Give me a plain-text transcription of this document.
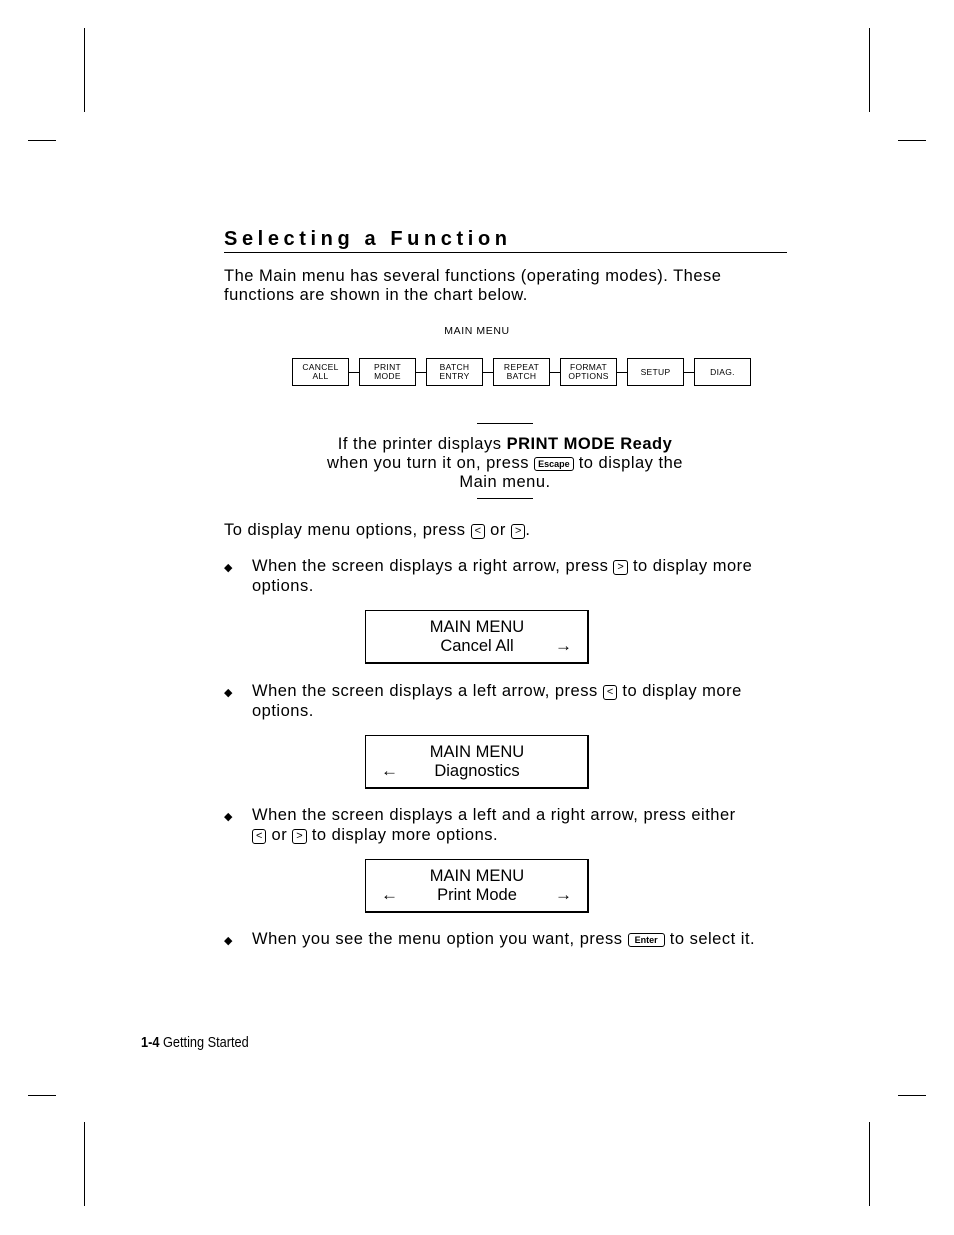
Selecting a Function
The Main menu has several functions (operating modes). These functions are shown in the chart below.
MAIN MENU
CANCEL
ALL
PRINT
MODE
BATCH
ENTRY
REPEAT
BATCH
FORMAT
OPTIONS	SETUP	DIAG.
If the printer displays PRINT MODE Ready
when you turn it on, press Escape to display the
Main menu.
To display menu options, press < or > .
◆ When the screen displays a right arrow, press > to display more options.
MAIN MENU
Cancel All	→
◆ When the screen displays a left arrow, press < to display more options.
MAIN MENU
Diagnostics
←
◆ When the screen displays a left and a right arrow, press either
< or > to display more options.
MAIN MENU
Print Mode
←	→
◆ When you see the menu option you want, press Enter to select it.
1-4 Getting Started
